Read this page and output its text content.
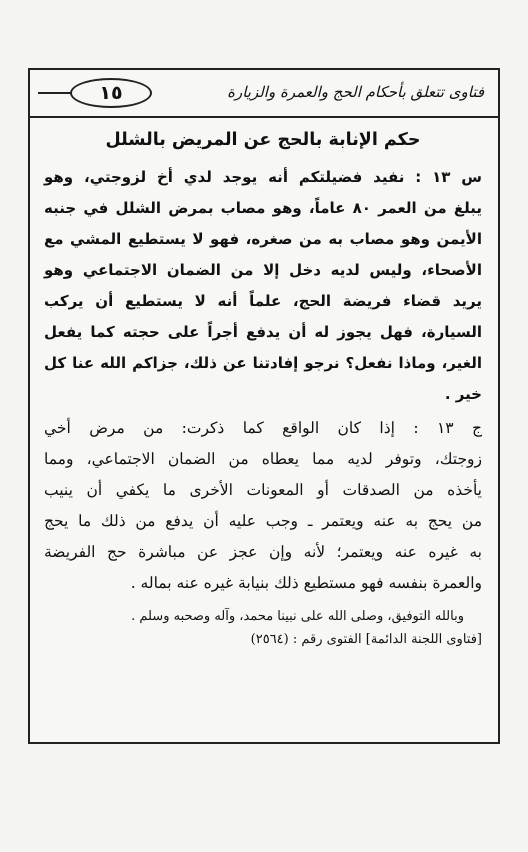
فتاوى تتعلق بأحكام الحج والعمرة والزيارة
١٥
حكم الإنابة بالحج عن المريض بالشلل
س ١٣ : نفيد فضيلتكم أنه يوجد لدي أخ لزوجتي، وهو
يبلغ من العمر ٨٠ عاماً، وهو مصاب بمرض الشلل في جنبه
الأيمن وهو مصاب به من صغره، فهو لا يستطيع المشي مع
الأصحاء، وليس لديه دخل إلا من الضمان الاجتماعي وهو
يريد قضاء فريضة الحج، علماً أنه لا يستطيع أن يركب
السيارة، فهل يجوز له أن يدفع أجراً على حجته كما يفعل
الغير، وماذا نفعل؟ نرجو إفادتنا عن ذلك، جزاكم الله عنا كل
خير .
ج ١٣ : إذا كان الواقع كما ذكرت: من مرض أخي
زوجتك، وتوفر لديه مما يعطاه من الضمان الاجتماعي، ومما
يأخذه من الصدقات أو المعونات الأخرى ما يكفي أن ينيب
من يحج به عنه ويعتمر ـ وجب عليه أن يدفع من ذلك ما يحج
به غيره عنه ويعتمر؛ لأنه وإن عجز عن مباشرة حج الفريضة
والعمرة بنفسه فهو مستطيع ذلك بنيابة غيره عنه بماله .
وبالله التوفيق، وصلى الله على نبينا محمد، وآله وصحبه وسلم .
[فتاوى اللجنة الدائمة] الفتوى رقم : (٢٥٦٤)
